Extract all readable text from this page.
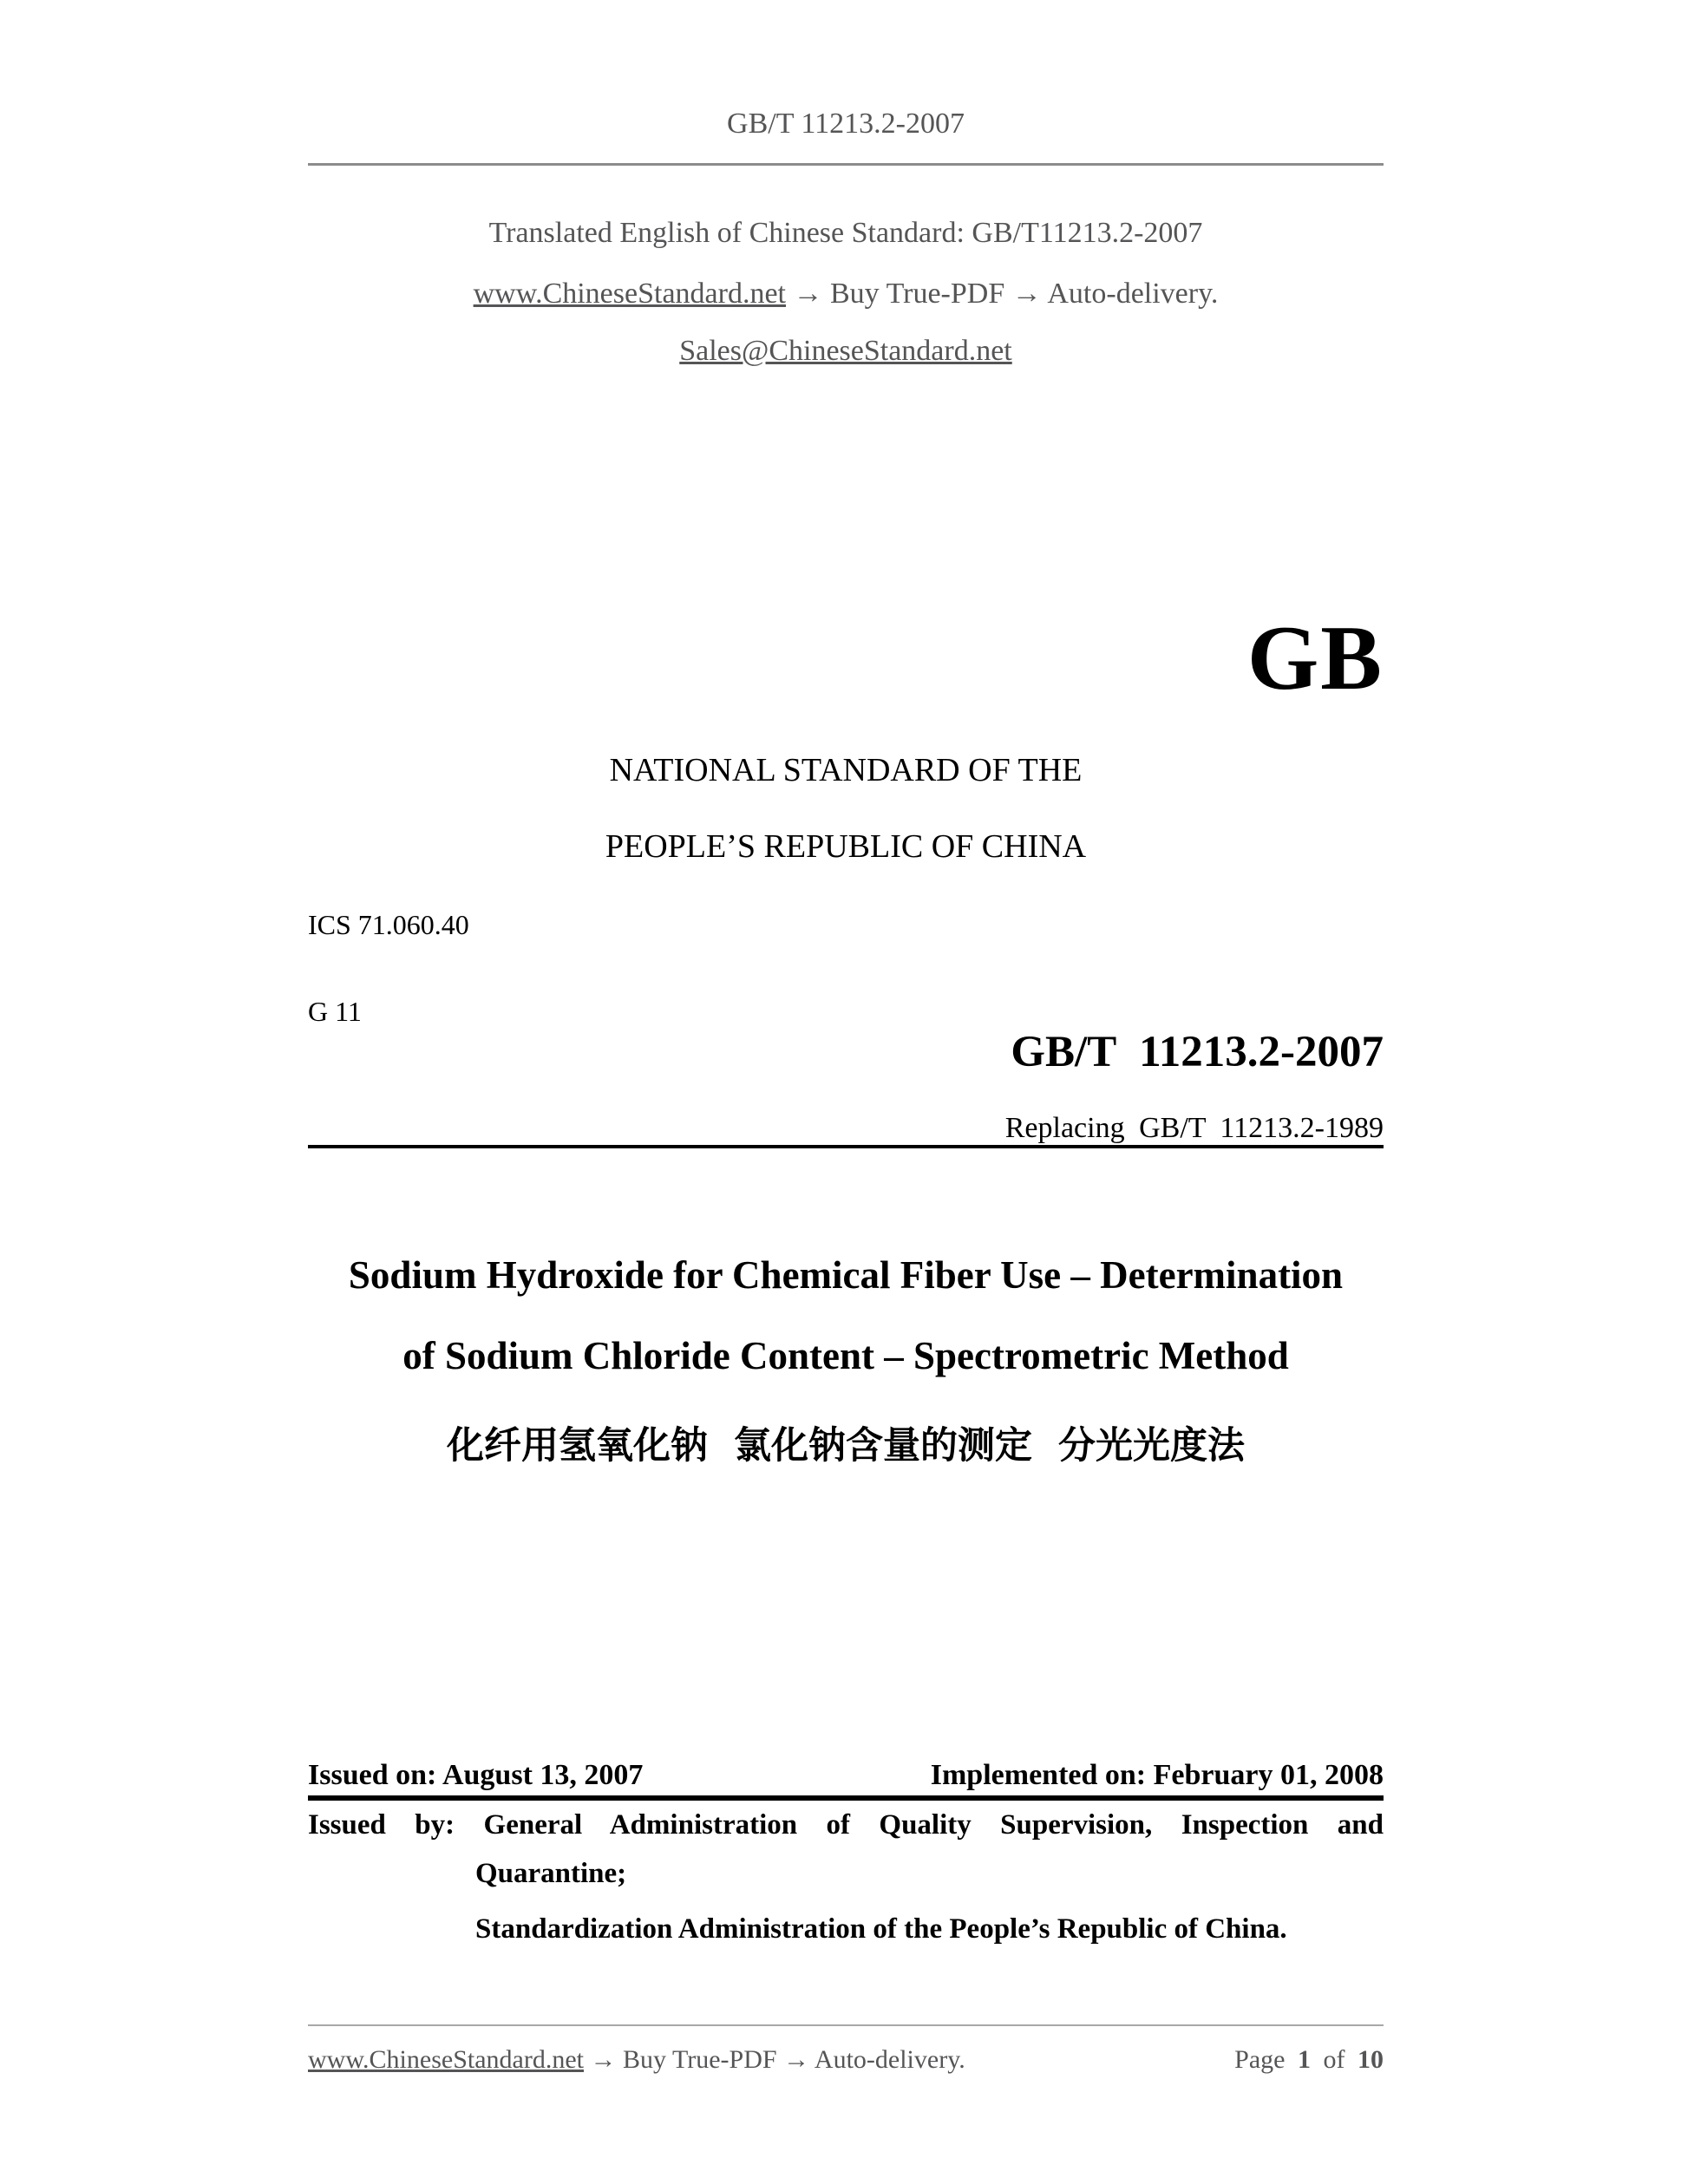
GB/T 11213.2-2007
Translated English of Chinese Standard: GB/T11213.2-2007
www.ChineseStandard.net → Buy True-PDF → Auto-delivery.
Sales@ChineseStandard.net
GB
NATIONAL STANDARD OF THE
PEOPLE’S REPUBLIC OF CHINA
ICS 71.060.40
G 11
GB/T 11213.2-2007
Replacing GB/T 11213.2-1989
Sodium Hydroxide for Chemical Fiber Use – Determination
of Sodium Chloride Content – Spectrometric Method
化纤用氢氧化钠 氯化钠含量的测定 分光光度法
Issued on: August 13, 2007	Implemented on: February 01, 2008
Issued by: General Administration of Quality Supervision, Inspection and
Quarantine;
Standardization Administration of the People’s Republic of China.
www.ChineseStandard.net → Buy True-PDF → Auto-delivery.	Page 1 of 10
